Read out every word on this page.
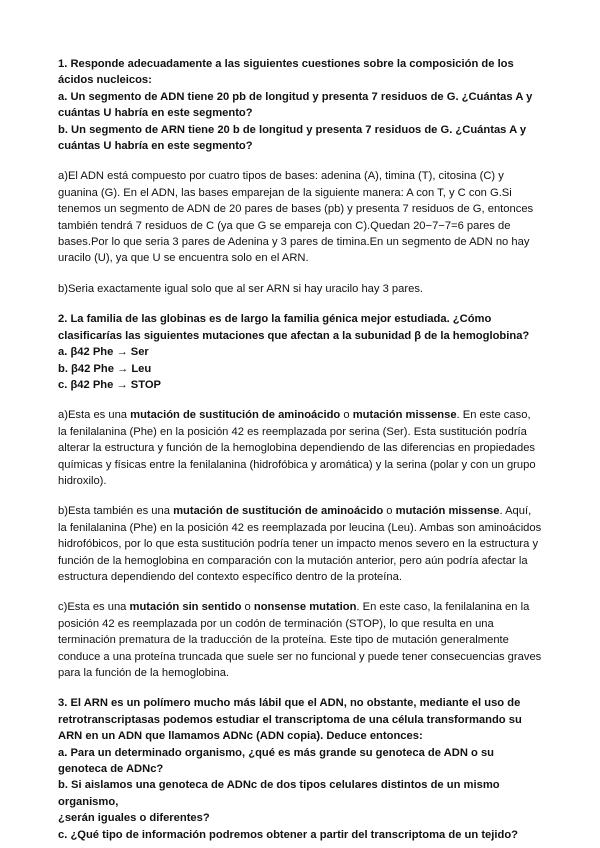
1. Responde adecuadamente a las siguientes cuestiones sobre la composición de los ácidos nucleicos:

a. Un segmento de ADN tiene 20 pb de longitud y presenta 7 residuos de G. ¿Cuántas A y cuántas U habría en este segmento?

b. Un segmento de ARN tiene 20 b de longitud y presenta 7 residuos de G. ¿Cuántas A y cuántas U habría en este segmento?

a)El ADN está compuesto por cuatro tipos de bases: adenina (A), timina (T), citosina (C) y guanina (G). En el ADN, las bases emparejan de la siguiente manera: A con T, y C con G.Si tenemos un segmento de ADN de 20 pares de bases (pb) y presenta 7 residuos de G, entonces también tendrá 7 residuos de C (ya que G se empareja con C).Quedan 20−7−7=6 pares de bases.Por lo que seria 3 pares de Adenina y 3 pares de timina.En un segmento de ADN no hay uracilo (U), ya que U se encuentra solo en el ARN.

b)Seria exactamente igual solo que al ser ARN si hay uracilo hay 3 pares.

2. La familia de las globinas es de largo la familia génica mejor estudiada. ¿Cómo clasificarías las siguientes mutaciones que afectan a la subunidad β de la hemoglobina?

a. β42 Phe → Ser

b. β42 Phe → Leu

c. β42 Phe → STOP

a)Esta es una mutación de sustitución de aminoácido o mutación missense. En este caso, la fenilalanina (Phe) en la posición 42 es reemplazada por serina (Ser). Esta sustitución podría alterar la estructura y función de la hemoglobina dependiendo de las diferencias en propiedades químicas y físicas entre la fenilalanina (hidrofóbica y aromática) y la serina (polar y con un grupo hidroxilo).

b)Esta también es una mutación de sustitución de aminoácido o mutación missense. Aquí, la fenilalanina (Phe) en la posición 42 es reemplazada por leucina (Leu). Ambas son aminoácidos hidrofóbicos, por lo que esta sustitución podría tener un impacto menos severo en la estructura y función de la hemoglobina en comparación con la mutación anterior, pero aún podría afectar la estructura dependiendo del contexto específico dentro de la proteína.

c)Esta es una mutación sin sentido o nonsense mutation. En este caso, la fenilalanina en la posición 42 es reemplazada por un codón de terminación (STOP), lo que resulta en una terminación prematura de la traducción de la proteína. Este tipo de mutación generalmente conduce a una proteína truncada que suele ser no funcional y puede tener consecuencias graves para la función de la hemoglobina.

3. El ARN es un polímero mucho más lábil que el ADN, no obstante, mediante el uso de retrotranscriptasas podemos estudiar el transcriptoma de una célula transformando su ARN en un ADN que llamamos ADNc (ADN copia). Deduce entonces:

a. Para un determinado organismo, ¿qué es más grande su genoteca de ADN o su genoteca de ADNc?

b. Si aislamos una genoteca de ADNc de dos tipos celulares distintos de un mismo organismo,

¿serán iguales o diferentes?

c. ¿Qué tipo de información podremos obtener a partir del transcriptoma de un tejido?
